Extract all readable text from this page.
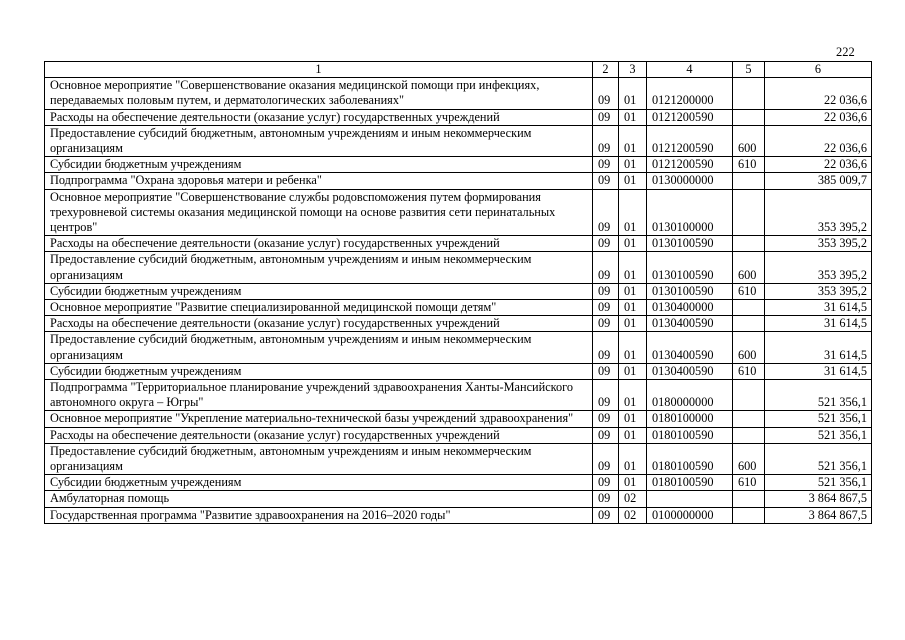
222
1	2	3	4	5	6
Основное мероприятие "Совершенствование оказания медицинской помощи при инфекциях, передаваемых половым путем, и дерматологических заболеваниях"	09	01	0121200000		22 036,6
Расходы на обеспечение деятельности (оказание услуг) государственных учреждений	09	01	0121200590		22 036,6
Предоставление субсидий бюджетным, автономным учреждениям и иным некоммерческим организациям	09	01	0121200590	600	22 036,6
Субсидии бюджетным учреждениям	09	01	0121200590	610	22 036,6
Подпрограмма "Охрана здоровья матери и ребенка"	09	01	0130000000		385 009,7
Основное мероприятие "Совершенствование службы родовспоможения путем формирования трехуровневой системы оказания медицинской помощи на основе развития сети перинатальных центров"	09	01	0130100000		353 395,2
Расходы на обеспечение деятельности (оказание услуг) государственных учреждений	09	01	0130100590		353 395,2
Предоставление субсидий бюджетным, автономным учреждениям и иным некоммерческим организациям	09	01	0130100590	600	353 395,2
Субсидии бюджетным учреждениям	09	01	0130100590	610	353 395,2
Основное мероприятие "Развитие специализированной медицинской помощи детям"	09	01	0130400000		31 614,5
Расходы на обеспечение деятельности (оказание услуг) государственных учреждений	09	01	0130400590		31 614,5
Предоставление субсидий бюджетным, автономным учреждениям и иным некоммерческим организациям	09	01	0130400590	600	31 614,5
Субсидии бюджетным учреждениям	09	01	0130400590	610	31 614,5
Подпрограмма "Территориальное планирование учреждений здравоохранения Ханты-Мансийского автономного округа – Югры"	09	01	0180000000		521 356,1
Основное мероприятие "Укрепление материально-технической базы учреждений здравоохранения"	09	01	0180100000		521 356,1
Расходы на обеспечение деятельности (оказание услуг) государственных учреждений	09	01	0180100590		521 356,1
Предоставление субсидий бюджетным, автономным учреждениям и иным некоммерческим организациям	09	01	0180100590	600	521 356,1
Субсидии бюджетным учреждениям	09	01	0180100590	610	521 356,1
Амбулаторная помощь	09	02			3 864 867,5
Государственная программа "Развитие здравоохранения на 2016–2020 годы"	09	02	0100000000		3 864 867,5
